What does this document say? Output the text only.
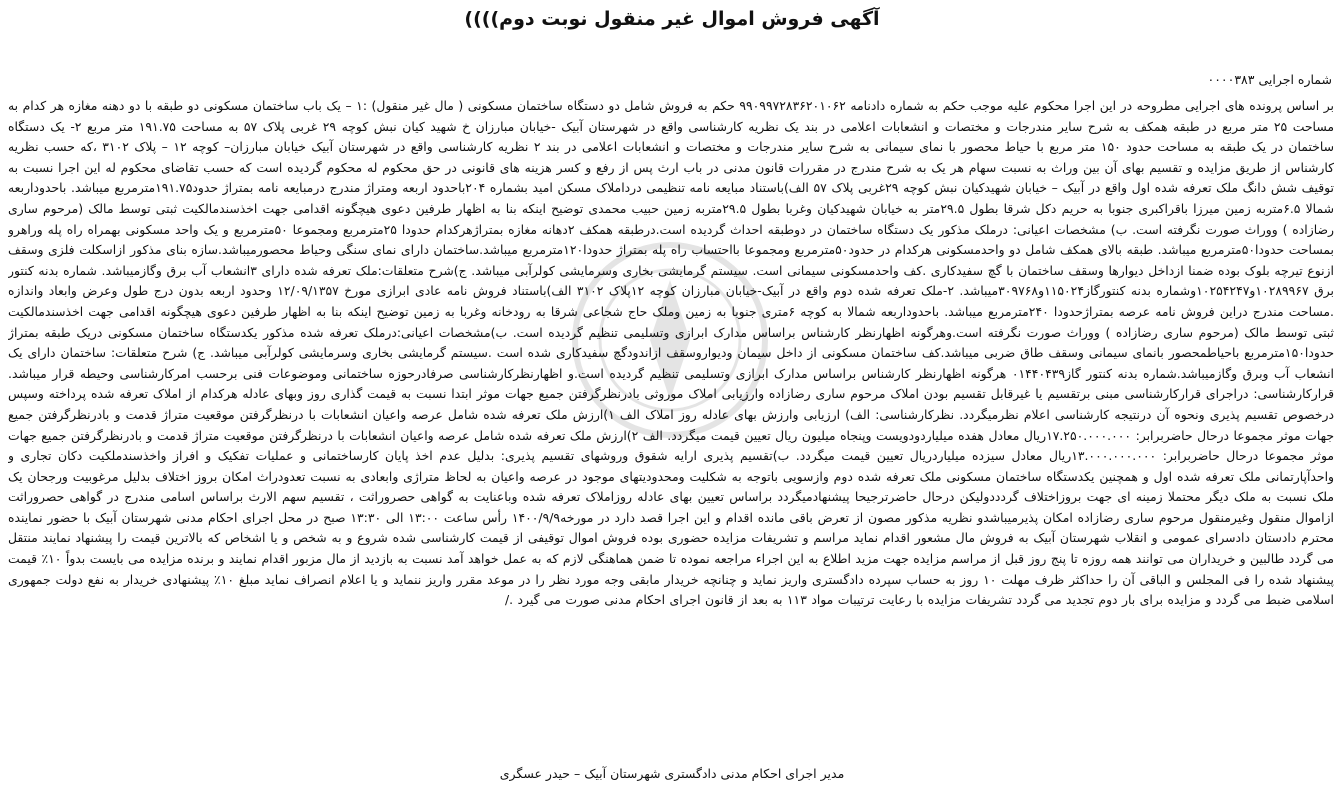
آگهی فروش اموال غیر منقول نوبت دوم))))
شماره اجرایی ۰۰۰۰۳۸۳
بر اساس پرونده های اجرایی مطروحه در این اجرا محکوم علیه موجب حکم به شماره دادنامه ۹۹۰۹۹۷۲۸۳۶۲۰۱۰۶۲ حکم به فروش شامل دو دستگاه ساختمان مسکونی ( مال غیر منقول) :۱ – یک باب ساختمان مسکونی دو طبقه با دو دهنه مغازه هر کدام به مساحت ۲۵ متر مربع در طبقه همکف به شرح سایر مندرجات و مختصات و انشعابات اعلامی در بند یک نظریه کارشناسی واقع در شهرستان آبیک -خیابان مبارزان خ شهید کیان نبش کوچه ۲۹ غربی پلاک ۵۷ به مساحت ۱۹۱.۷۵ متر مربع ۲- یک دستگاه ساختمان در یک طبقه به مساحت حدود ۱۵۰ متر مربع با حیاط محصور با نمای سیمانی به شرح سایر مندرجات و مختصات و انشعابات اعلامی در بند ۲ نظریه کارشناسی واقع در شهرستان آبیک خیابان مبارزان– کوچه ۱۲ – پلاک ۳۱۰۲ ،که حسب نظریه کارشناس از طریق مزایده و تقسیم بهای آن بین وراث به نسبت سهام هر یک به شرح مندرج در مقررات قانون مدنی در باب ارث پس از رفع و کسر هزینه های قانونی در حق محکوم له محکوم گردیده است که حسب تقاضای محکوم له این اجرا نسبت به توقیف شش دانگ ملک تعرفه شده اول واقع در آبیک – خیابان شهیدکیان نبش کوچه ۲۹غربی پلاک ۵۷ الف)باستناد مبایعه نامه تنظیمی درداملاک مسکن امید بشماره ۲۰۴باحدود اربعه ومتراژ مندرج درمبایعه نامه بمتراژ حدود۱۹۱.۷۵مترمربع میباشد. باحدوداربعه شمالا ۶.۵متربه زمین میرزا باقراکبری جنوبا به حریم دکل شرقا بطول ۲۹.۵متر به خیابان شهیدکیان وغربا بطول ۲۹.۵متربه زمین حبیب محمدی توضیح اینکه بنا به اظهار طرفین دعوی هیچگونه اقدامی جهت اخذسندمالکیت ثبتی توسط مالک (مرحوم ساری رضازاده ) ووراث صورت نگرفته است. ب) مشخصات اعیانی: درملک مذکور یک دستگاه ساختمان در دوطبقه احداث گردیده است.درطبقه همکف ۲دهانه مغازه بمتراژهرکدام حدودا ۲۵مترمربع ومجموعا ۵۰مترمربع و یک واحد مسکونی بهمراه راه پله وراهرو بمساحت حدودا۵۰مترمربع میباشد. طبقه بالای همکف شامل دو واحدمسکونی هرکدام در حدود۵۰مترمربع ومجموعا بااحتساب راه پله بمتراژ حدودا۱۲۰مترمربع میباشد.ساختمان دارای نمای سنگی وحیاط محصورمیباشد.سازه بنای مذکور ازاسکلت فلزی وسقف ازنوع تیرچه بلوک بوده ضمنا ازداخل دیوارها وسقف ساختمان با گچ سفیدکاری .کف واحدمسکونی سیمانی است. سیستم گرمایشی بخاری وسرمایشی کولرآبی میباشد. ج)شرح متعلقات:ملک تعرفه شده دارای ۳انشعاب آب برق وگازمیباشد. شماره بدنه کنتور برق ۱۰۲۸۹۹۶۷و۱۰۲۵۴۲۴۷وشماره بدنه کنتورگاز۱۱۵۰۲۴و۳۰۹۷۶۸میباشد. ۲-ملک تعرفه شده دوم واقع در آبیک-خیابان مبارزان کوچه ۱۲پلاک ۳۱۰۲ الف)باستناد فروش نامه عادی ابرازی مورخ ۱۲/۰۹/۱۳۵۷ وحدود اربعه بدون درج طول وعرض وابعاد واندازه .مساحت مندرج دراین فروش نامه عرصه بمتراژحدودا ۲۴۰مترمربع میباشد. باحدوداربعه شمالا به کوچه ۶متری جنوبا به زمین وملک حاج شجاعی شرقا به رودخانه وغربا به زمین توضیح اینکه بنا به اظهار طرفین دعوی هیچگونه اقدامی جهت اخذسندمالکیت ثبتی توسط مالک (مرحوم ساری رضازاده ) ووراث صورت نگرفته است.وهرگونه اظهارنظر کارشناس براساس مدارک ابرازی وتسلیمی تنظیم گردیده است. ب)مشخصات اعیانی:درملک تعرفه شده مذکور یکدستگاه ساختمان مسکونی دریک طبقه بمتراژ حدودا۱۵۰مترمربع باحیاطمحصور بانمای سیمانی وسقف طاق ضربی میباشد.کف ساختمان مسکونی از داخل سیمان ودیواروسقف ازاندودگچ سفیدکاری شده است .سیستم گرمایشی بخاری وسرمایشی کولرآبی میباشد. ج) شرح متعلقات: ساختمان دارای یک انشعاب آب وبرق وگازمیباشد.شماره بدنه کنتور گاز۰۱۴۴۰۴۳۹ هرگونه اظهارنظر کارشناس براساس مدارک ابرازی وتسلیمی تنظیم گردیده است.و اظهارنظرکارشناسی صرفادرحوزه ساختمانی وموضوعات فنی برحسب امرکارشناسی وحیطه قرار میباشد. قرارکارشناسی: دراجرای قرارکارشناسی مبنی برتقسیم یا غیرقابل تقسیم بودن املاک مرحوم ساری رضازاده وارزیابی املاک موروثی بادرنظرگرفتن جمیع جهات موثر ابتدا نسبت به قیمت گذاری روز وبهای عادله هرکدام از املاک تعرفه شده پرداخته وسپس درخصوص تقسیم پذیری ونحوه آن درنتیجه کارشناسی اعلام نظرمیگردد. نظرکارشناسی: الف) ارزیابی وارزش بهای عادله روز املاک الف ۱)ارزش ملک تعرفه شده شامل عرصه واعیان انشعابات با درنظرگرفتن موقعیت متراژ قدمت و بادرنظرگرفتن جمیع جهات موثر مجموعا درحال حاضربرابر: ۱۷.۲۵۰.۰۰۰.۰۰۰ریال معادل هفده میلیاردودویست وپنجاه میلیون ریال تعیین قیمت میگردد. الف ۲)ارزش ملک تعرفه شده شامل عرصه واعیان انشعابات با درنظرگرفتن موقعیت متراژ قدمت و بادرنظرگرفتن جمیع جهات موثر مجموعا درحال حاضربرابر: ۱۳.۰۰۰.۰۰۰.۰۰۰ریال معادل سیزده میلیاردریال تعیین قیمت میگردد. ب)تقسیم پذیری ارایه شقوق وروشهای تقسیم پذیری: بدلیل عدم اخذ پایان کارساختمانی و عملیات تفکیک و افراز واخذسندملکیت دکان تجاری و واحدآپارتمانی ملک تعرفه شده اول و همچنین یکدستگاه ساختمان مسکونی ملک تعرفه شده دوم وازسویی باتوجه به شکلیت ومحدودیتهای موجود در عرصه واعیان به لحاظ متراژی وابعادی به نسبت تعدودراث امکان بروز اختلاف بدلیل مرغوبیت ورجحان یک ملک نسبت به ملک دیگر محتملا زمینه ای جهت بروزاختلاف گردددولیکن درحال حاضرترجیحا پیشنهادمیگردد براساس تعیین بهای عادله روزاملاک تعرفه شده وباعنایت به گواهی حصروراثت ، تقسیم سهم الارث براساس اسامی مندرج در گواهی حصروراثت ازاموال منقول وغیرمنقول مرحوم ساری رضازاده امکان پذیرمیباشدو نظریه مذکور مصون از تعرض باقی مانده اقدام و این اجرا قصد دارد در مورخه۱۴۰۰/۹/۹ رأس ساعت ۱۳:۰۰ الی ۱۳:۳۰ صبح در محل اجرای احکام مدنی شهرستان آبیک با حضور نماینده محترم دادستان دادسرای عمومی و انقلاب شهرستان آبیک به فروش مال مشعور اقدام نماید مراسم و تشریفات مزایده حضوری بوده فروش اموال توقیفی از قیمت کارشناسی شده شروع و به شخص و یا اشخاص که بالاترین قیمت را پیشنهاد نمایند منتقل می گردد طالبین و خریداران می توانند همه روزه تا پنج روز قبل از مراسم مزایده جهت مزید اطلاع به این اجراء مراجعه نموده تا ضمن هماهنگی لازم که به عمل خواهد آمد نسبت به بازدید از مال مزبور اقدام نمایند و برنده مزایده می بایست بدواً ۱۰٪ قیمت پیشنهاد شده را فی المجلس و الباقی آن را حداکثر ظرف مهلت ۱۰ روز به حساب سپرده دادگستری واریز نماید و چنانچه خریدار مابقی وجه مورد نظر را در موعد مقرر واریز ننماید و یا اعلام انصراف نماید مبلغ ۱۰٪ پیشنهادی خریدار به نفع دولت جمهوری اسلامی ضبط می گردد و مزایده برای بار دوم تجدید می گردد تشریفات مزایده با رعایت ترتیبات مواد ۱۱۳ به بعد از قانون اجرای احکام مدنی صورت می گیرد ./
مدیر اجرای احکام مدنی دادگستری شهرستان آبیک – حیدر عسگری
